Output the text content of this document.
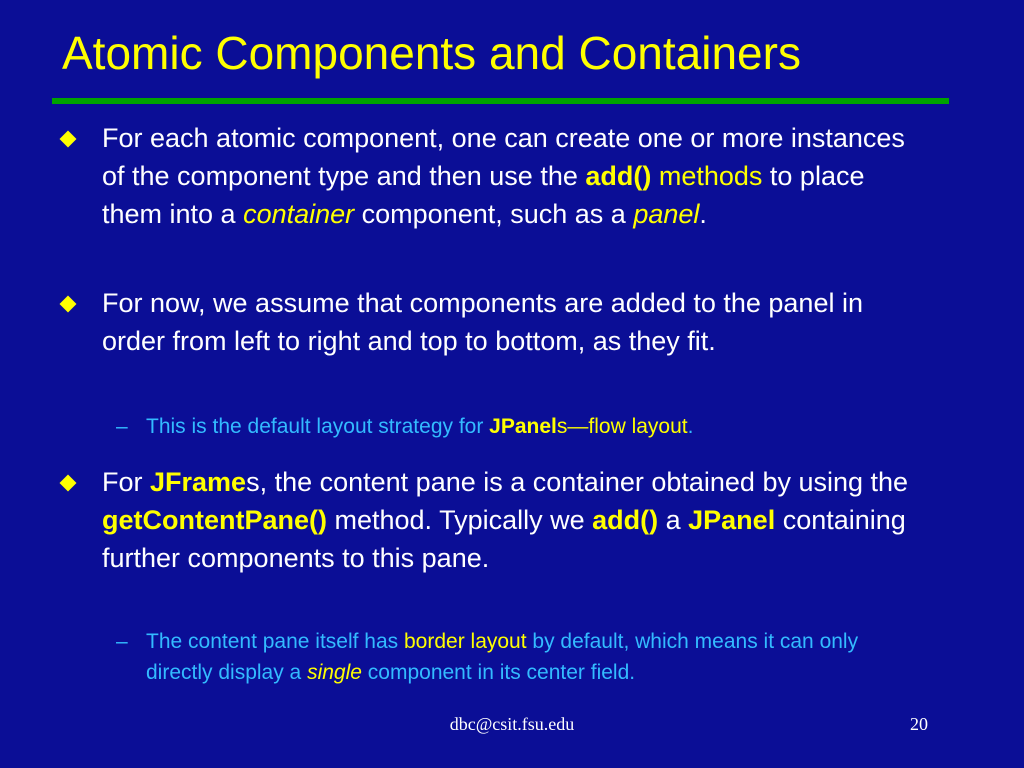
Atomic Components and Containers
For each atomic component, one can create one or more instances of the component type and then use the add() methods to place them into a container component, such as a panel.
For now, we assume that components are added to the panel in order from left to right and top to bottom, as they fit.
– This is the default layout strategy for JPanels—flow layout.
For JFrames, the content pane is a container obtained by using the getContentPane() method. Typically we add() a JPanel containing further components to this pane.
– The content pane itself has border layout by default, which means it can only directly display a single component in its center field.
dbc@csit.fsu.edu	20
